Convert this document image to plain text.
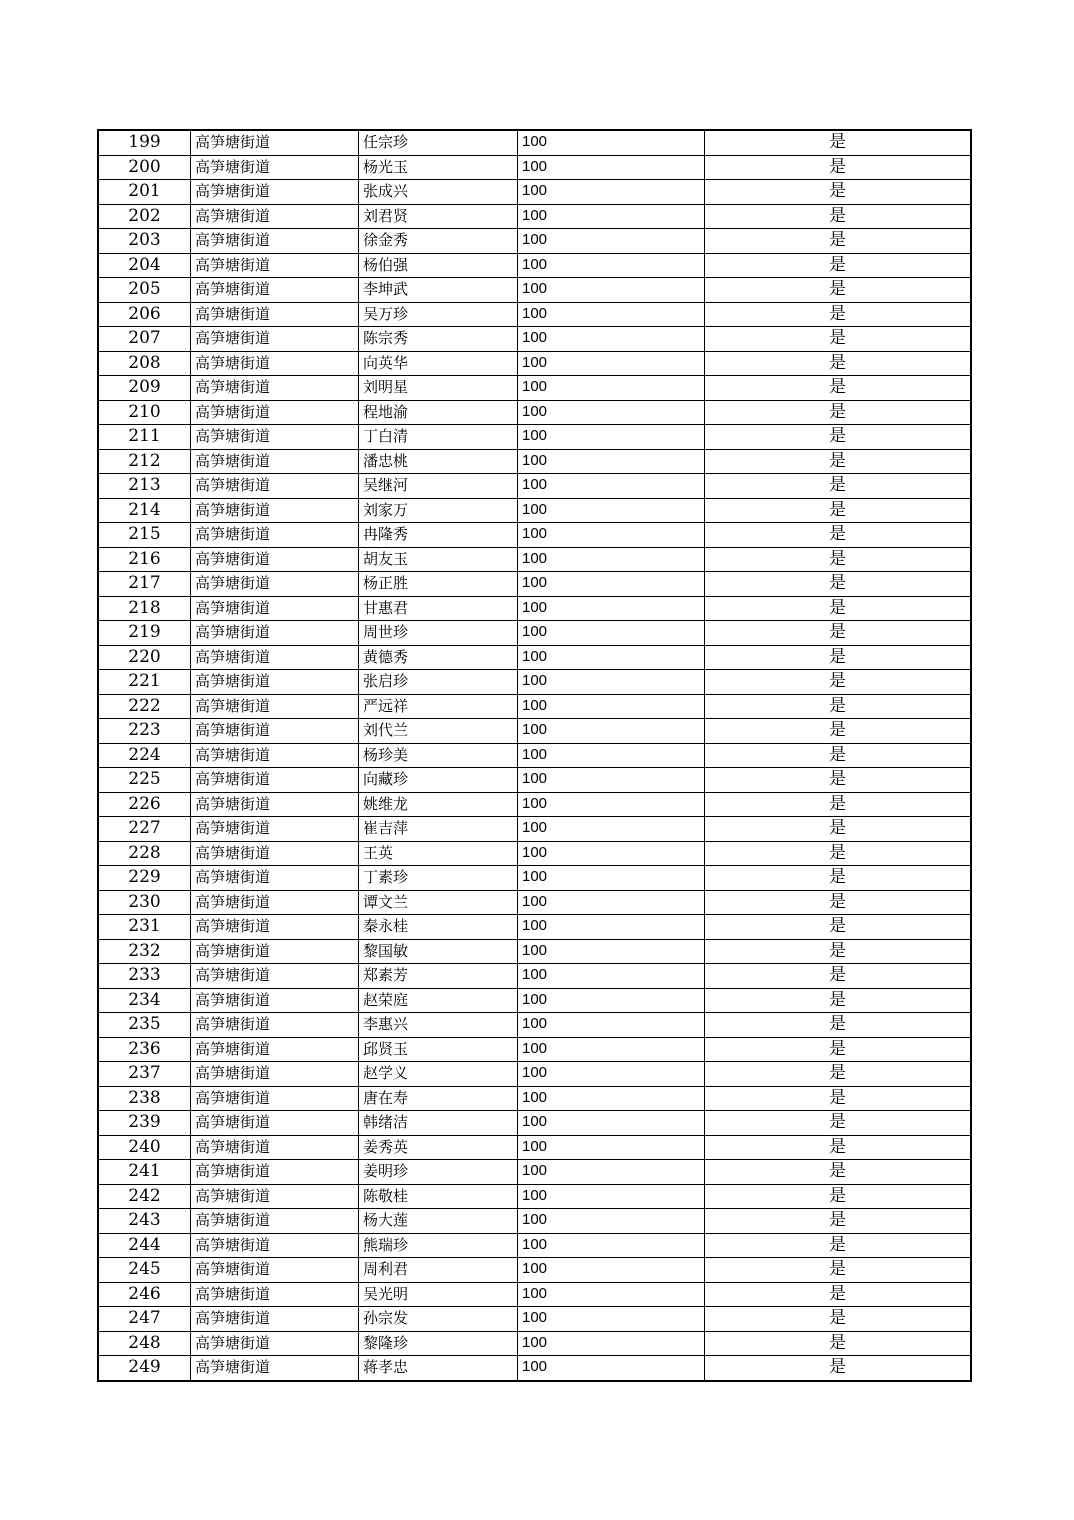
199	高笋塘街道	任宗珍	100	是
200	高笋塘街道	杨光玉	100	是
201	高笋塘街道	张成兴	100	是
202	高笋塘街道	刘君贤	100	是
203	高笋塘街道	徐金秀	100	是
204	高笋塘街道	杨伯强	100	是
205	高笋塘街道	李坤武	100	是
206	高笋塘街道	吴万珍	100	是
207	高笋塘街道	陈宗秀	100	是
208	高笋塘街道	向英华	100	是
209	高笋塘街道	刘明星	100	是
210	高笋塘街道	程地渝	100	是
211	高笋塘街道	丁白清	100	是
212	高笋塘街道	潘忠桃	100	是
213	高笋塘街道	吴继河	100	是
214	高笋塘街道	刘家万	100	是
215	高笋塘街道	冉隆秀	100	是
216	高笋塘街道	胡友玉	100	是
217	高笋塘街道	杨正胜	100	是
218	高笋塘街道	甘惠君	100	是
219	高笋塘街道	周世珍	100	是
220	高笋塘街道	黄德秀	100	是
221	高笋塘街道	张启珍	100	是
222	高笋塘街道	严远祥	100	是
223	高笋塘街道	刘代兰	100	是
224	高笋塘街道	杨珍美	100	是
225	高笋塘街道	向藏珍	100	是
226	高笋塘街道	姚维龙	100	是
227	高笋塘街道	崔吉萍	100	是
228	高笋塘街道	王英	100	是
229	高笋塘街道	丁素珍	100	是
230	高笋塘街道	谭文兰	100	是
231	高笋塘街道	秦永桂	100	是
232	高笋塘街道	黎国敏	100	是
233	高笋塘街道	郑素芳	100	是
234	高笋塘街道	赵荣庭	100	是
235	高笋塘街道	李惠兴	100	是
236	高笋塘街道	邱贤玉	100	是
237	高笋塘街道	赵学义	100	是
238	高笋塘街道	唐在寿	100	是
239	高笋塘街道	韩绪洁	100	是
240	高笋塘街道	姜秀英	100	是
241	高笋塘街道	姜明珍	100	是
242	高笋塘街道	陈敬桂	100	是
243	高笋塘街道	杨大莲	100	是
244	高笋塘街道	熊瑞珍	100	是
245	高笋塘街道	周利君	100	是
246	高笋塘街道	吴光明	100	是
247	高笋塘街道	孙宗发	100	是
248	高笋塘街道	黎隆珍	100	是
249	高笋塘街道	蒋孝忠	100	是
